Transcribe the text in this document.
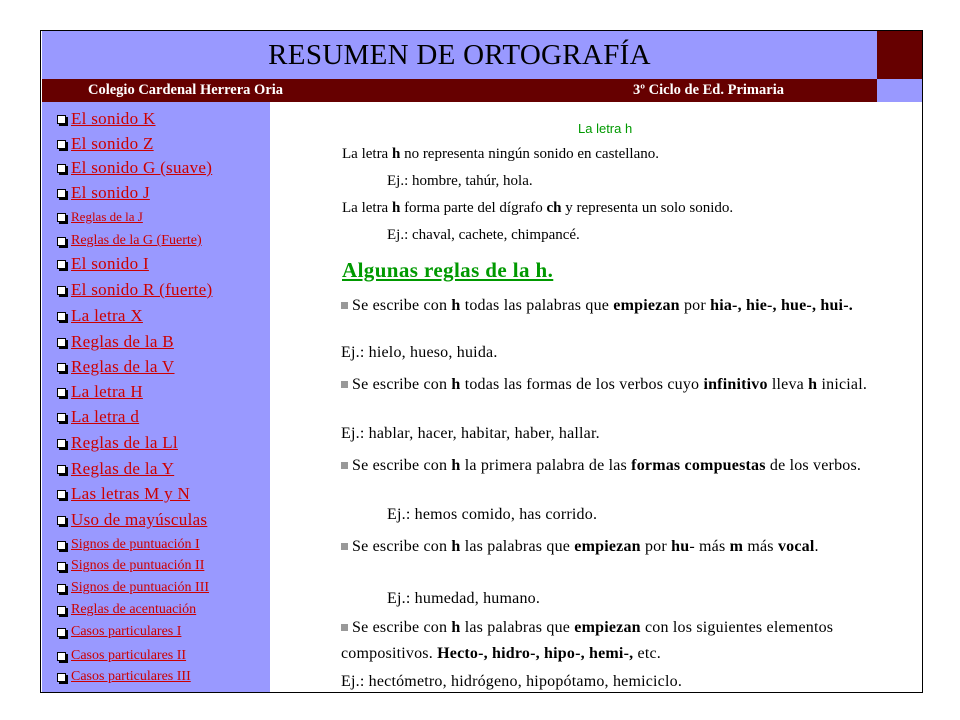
RESUMEN DE ORTOGRAFÍA
Colegio Cardenal Herrera Oria	3º Ciclo de Ed. Primaria
La letra h
La letra h no representa ningún sonido en castellano.
Ej.: hombre, tahúr, hola.
La letra h forma parte del dígrafo ch y representa un solo sonido.
Ej.: chaval, cachete, chimpancé.
Algunas reglas de la h.
El sonido K
El sonido Z
El sonido G (suave)
El sonido J
Reglas de la J
Reglas de la G (Fuerte)
El sonido I
El sonido R (fuerte)
La letra X
Reglas de la B
Reglas de la V
La letra H
La letra d
Reglas de la Ll
Reglas de la Y
Las letras M y N
Uso de mayúsculas
Signos de puntuación I
Signos de puntuación II
Signos de puntuación III
Reglas de acentuación
Casos particulares I
Casos particulares II
Casos particulares III
Se escribe con h todas las palabras que empiezan por hia-, hie-, hue-, hui-.
Ej.: hielo, hueso, huida.
Se escribe con h todas las formas de los verbos cuyo infinitivo lleva h inicial.
Ej.: hablar, hacer, habitar, haber, hallar.
Se escribe con h la primera palabra de las formas compuestas de los verbos.
Ej.: hemos comido, has corrido.
Se escribe con h las palabras que empiezan por hu- más m más vocal.
Ej.: humedad, humano.
Se escribe con h las palabras que empiezan con los siguientes elementos compositivos. Hecto-, hidro-, hipo-, hemi-, etc.
Ej.: hectómetro, hidrógeno, hipopótamo, hemiciclo.
